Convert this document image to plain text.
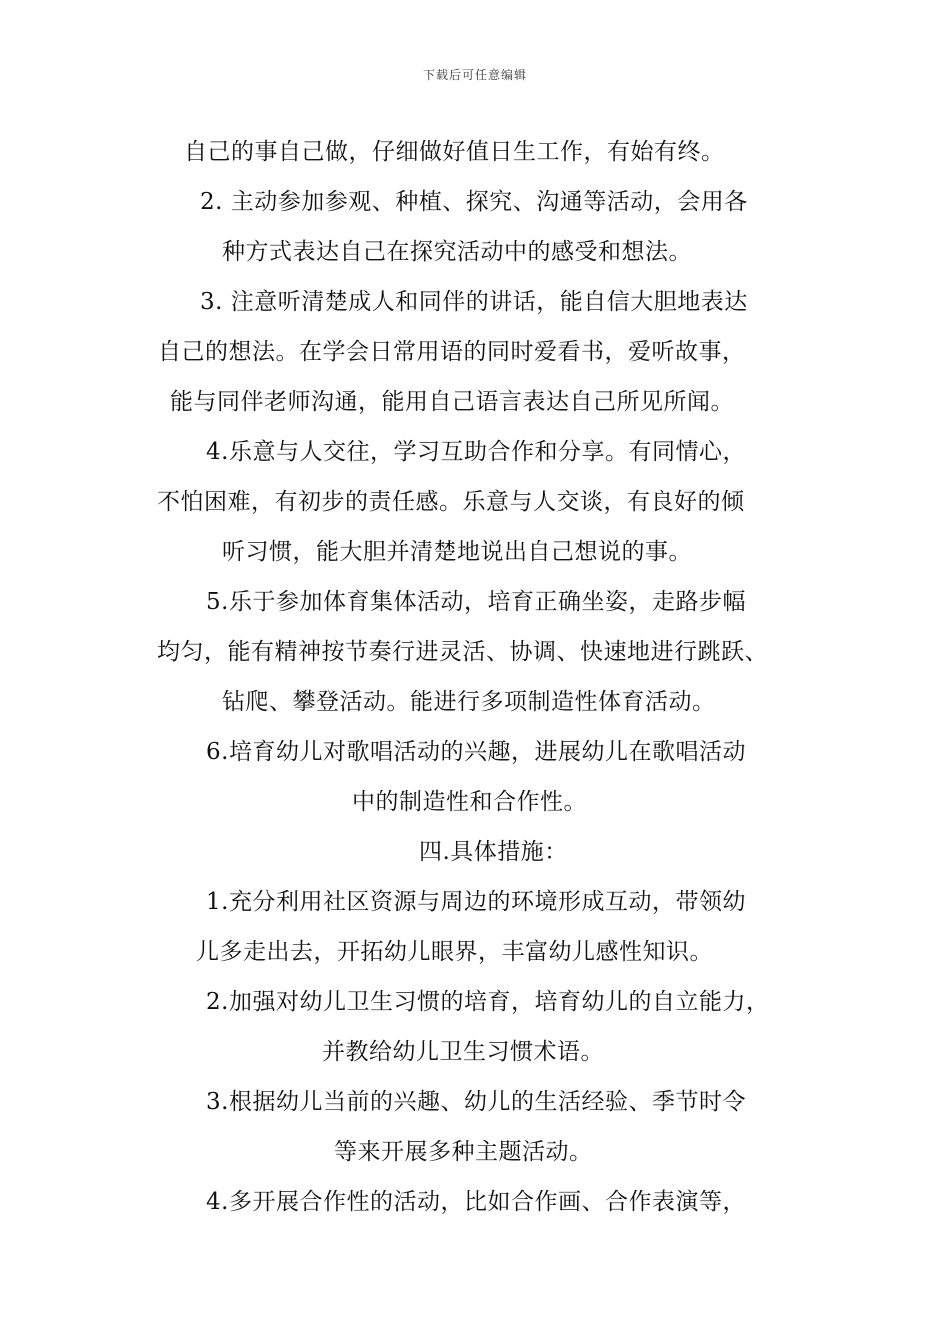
下载后可任意编辑
自己的事自己做，仔细做好值日生工作，有始有终。
2. 主动参加参观、种植、探究、沟通等活动，会用各
种方式表达自己在探究活动中的感受和想法。
3. 注意听清楚成人和同伴的讲话，能自信大胆地表达
自己的想法。在学会日常用语的同时爱看书，爱听故事，
能与同伴老师沟通，能用自己语言表达自己所见所闻。
4.乐意与人交往，学习互助合作和分享。有同情心，
不怕困难，有初步的责任感。乐意与人交谈，有良好的倾
听习惯，能大胆并清楚地说出自己想说的事。
5.乐于参加体育集体活动，培育正确坐姿，走路步幅
均匀，能有精神按节奏行进灵活、协调、快速地进行跳跃、
钻爬、攀登活动。能进行多项制造性体育活动。
6.培育幼儿对歌唱活动的兴趣，进展幼儿在歌唱活动
中的制造性和合作性。
四.具体措施：
1.充分利用社区资源与周边的环境形成互动，带领幼
儿多走出去，开拓幼儿眼界，丰富幼儿感性知识。
2.加强对幼儿卫生习惯的培育，培育幼儿的自立能力，
并教给幼儿卫生习惯术语。
3.根据幼儿当前的兴趣、幼儿的生活经验、季节时令
等来开展多种主题活动。
4.多开展合作性的活动，比如合作画、合作表演等，
